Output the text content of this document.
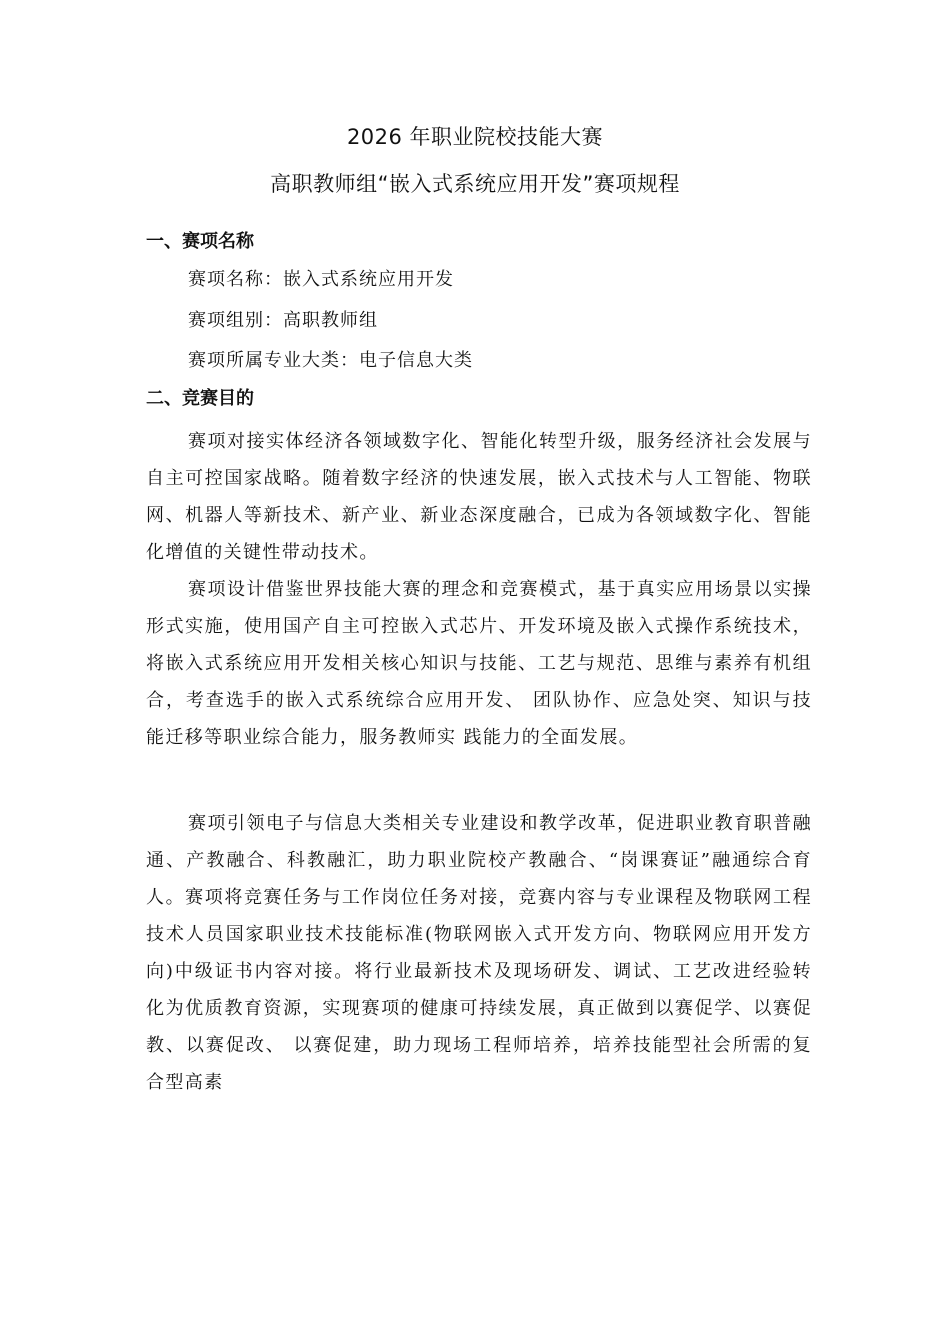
2026 年职业院校技能大赛
高职教师组“嵌入式系统应用开发”赛项规程
一、赛项名称
赛项名称：嵌入式系统应用开发
赛项组别：高职教师组
赛项所属专业大类：电子信息大类
二、竞赛目的

赛项对接实体经济各领域数字化、智能化转型升级，服务经济社会发展与自主可控国家战略。随着数字经济的快速发展，嵌入式技术与人工智能、物联网、机器人等新技术、新产业、新业态深度融合，已成为各领域数字化、智能化增值的关键性带动技术。

赛项设计借鉴世界技能大赛的理念和竞赛模式，基于真实应用场景以实操形式实施，使用国产自主可控嵌入式芯片、开发环境及嵌入式操作系统技术，将嵌入式系统应用开发相关核心知识与技能、工艺与规范、思维与素养有机组合，考查选手的嵌入式系统综合应用开发、 团队协作、应急处突、知识与技能迁移等职业综合能力，服务教师实 践能力的全面发展。

赛项引领电子与信息大类相关专业建设和教学改革，促进职业教育职普融通、产教融合、科教融汇，助力职业院校产教融合、“岗课赛证”融通综合育人。赛项将竞赛任务与工作岗位任务对接，竞赛内容与专业课程及物联网工程技术人员国家职业技术技能标准(物联网嵌入式开发方向、物联网应用开发方向)中级证书内容对接。将行业最新技术及现场研发、调试、工艺改进经验转化为优质教育资源，实现赛项的健康可持续发展，真正做到以赛促学、以赛促教、以赛促改、 以赛促建，助力现场工程师培养，培养技能型社会所需的复合型高素
